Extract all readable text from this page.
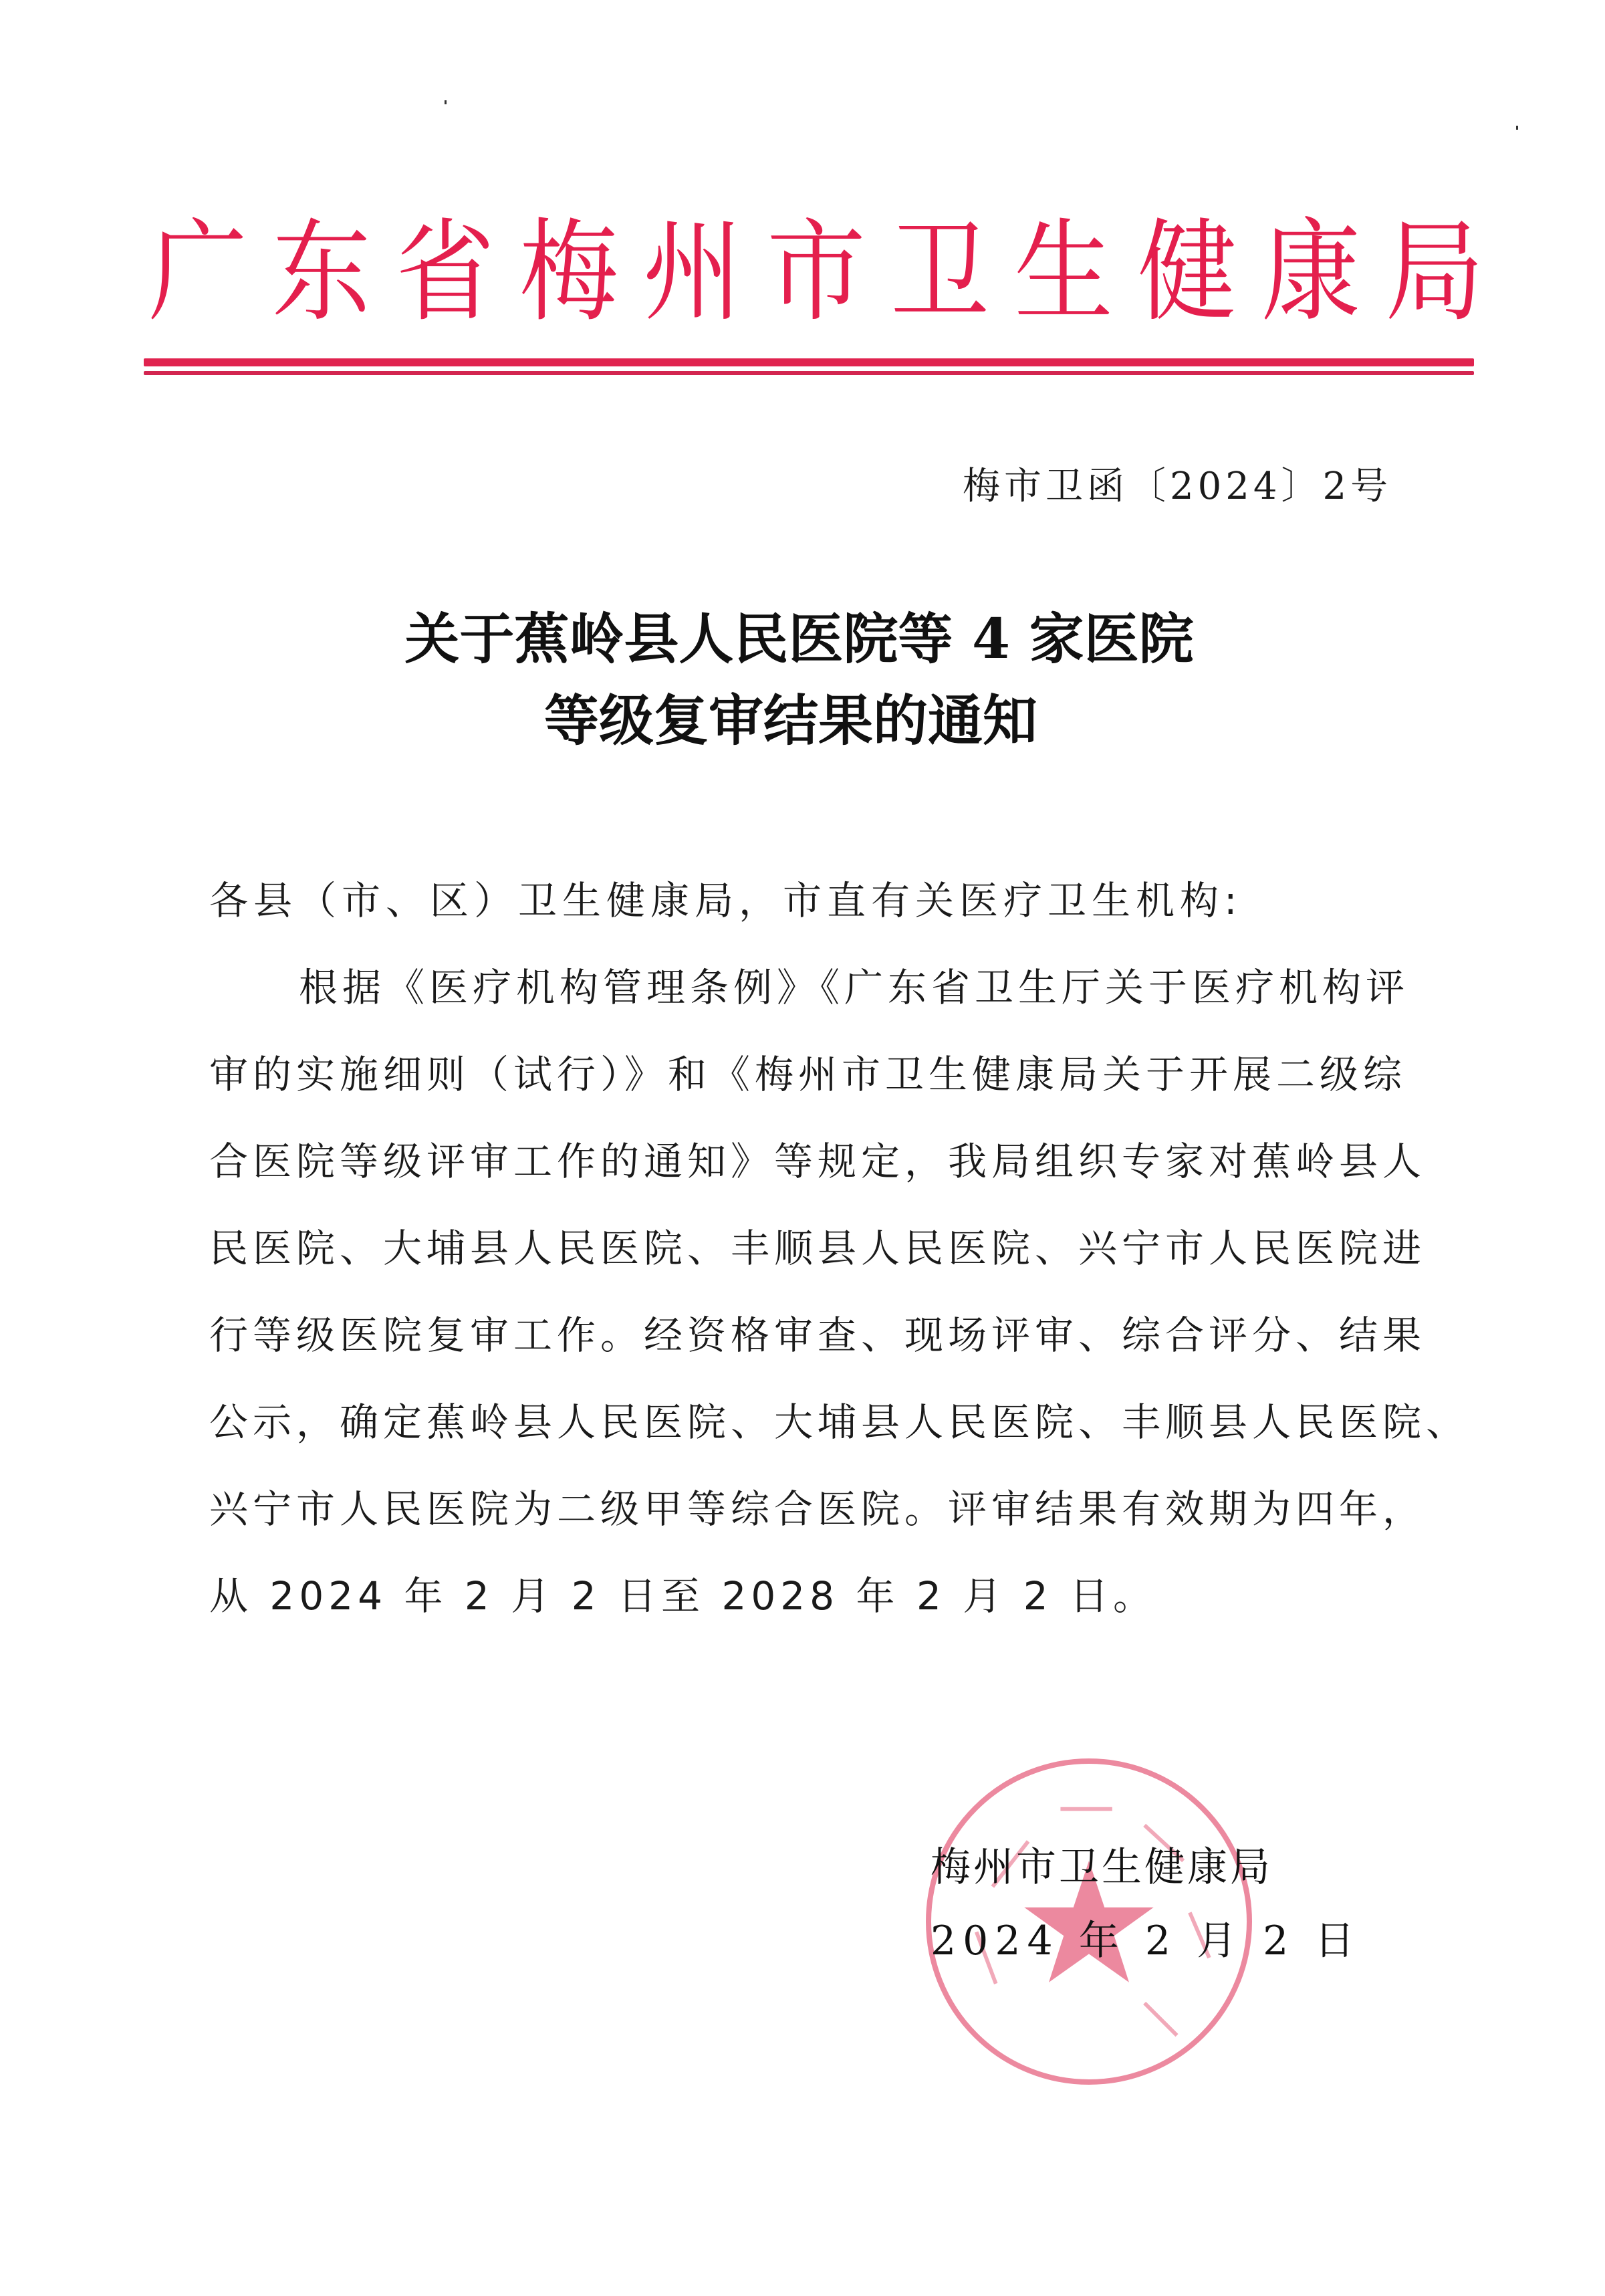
广 东 省 梅 州 市 卫 生 健 康 局
梅市卫函〔2024〕2号
关于蕉岭县人民医院等 4 家医院
等级复审结果的通知
各县（市、区）卫生健康局，市直有关医疗卫生机构:
根据《医疗机构管理条例》《广东省卫生厅关于医疗机构评
审的实施细则（试行）》和《梅州市卫生健康局关于开展二级综
合医院等级评审工作的通知》等规定，我局组织专家对蕉岭县人
民医院、大埔县人民医院、丰顺县人民医院、兴宁市人民医院进
行等级医院复审工作。经资格审查、现场评审、综合评分、结果
公示，确定蕉岭县人民医院、大埔县人民医院、丰顺县人民医院、
兴宁市人民医院为二级甲等综合医院。评审结果有效期为四年，
从 2024 年 2 月 2 日至 2028 年 2 月 2 日。
梅州市卫生健康局
2024 年 2 月 2 日
